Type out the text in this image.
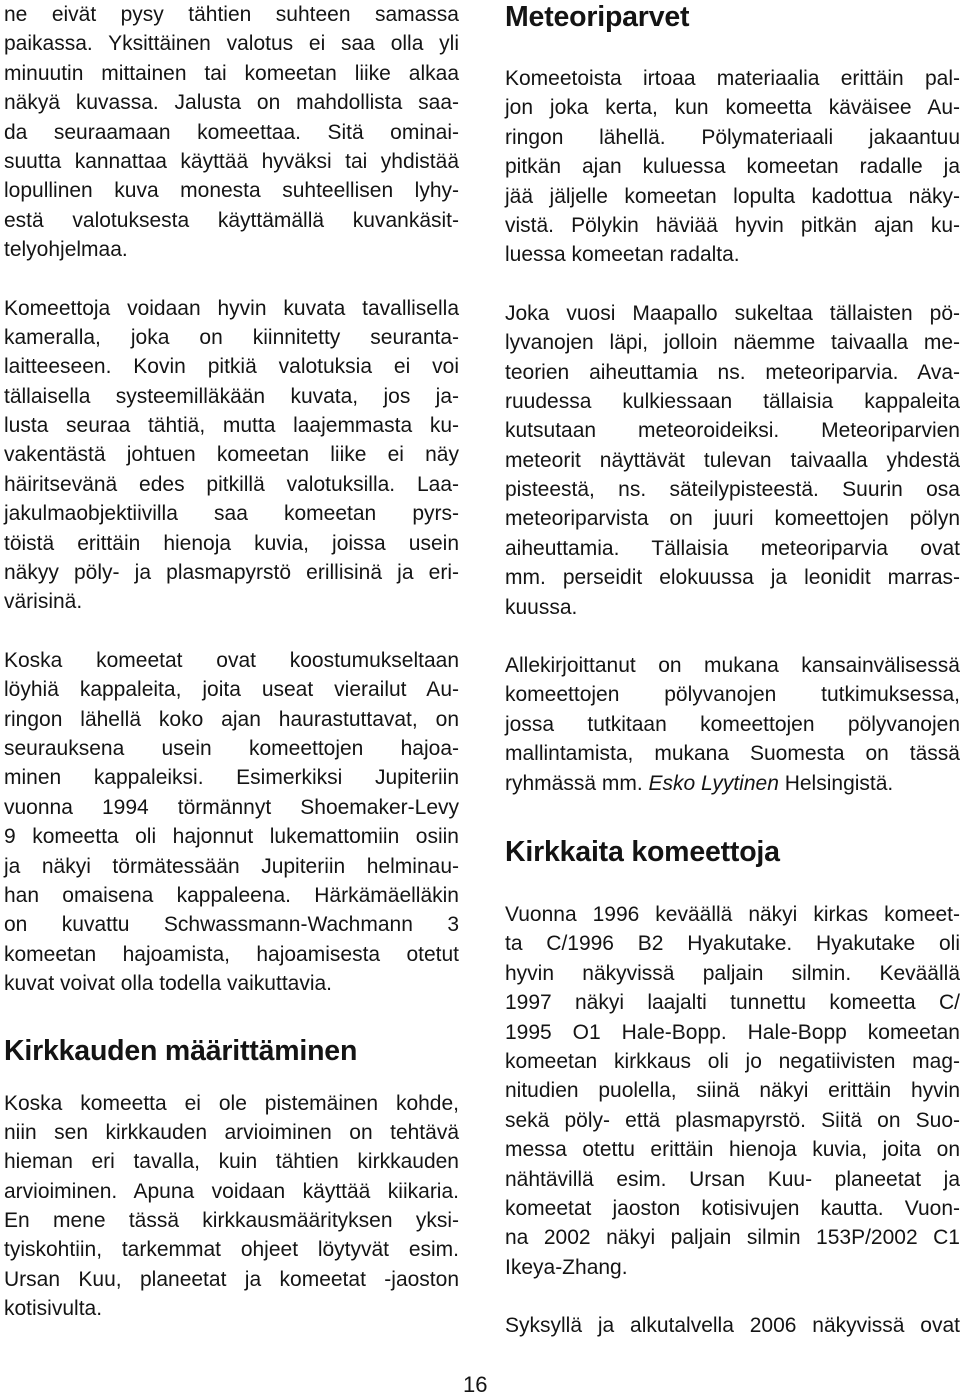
ne eivät pysy tähtien suhteen samassa
paikassa. Yksittäinen valotus ei saa olla yli
minuutin mittainen tai komeetan liike alkaa
näkyä kuvassa. Jalusta on mahdollista saa-
da seuraamaan komeettaa. Sitä ominai-
suutta kannattaa käyttää hyväksi tai yhdistää
lopullinen kuva monesta suhteellisen lyhy-
estä valotuksesta käyttämällä kuvankäsit-
telyohjelmaa.
Komeettoja voidaan hyvin kuvata tavallisella
kameralla, joka on kiinnitetty seuranta-
laitteeseen. Kovin pitkiä valotuksia ei voi
tällaisella systeemilläkään kuvata, jos ja-
lusta seuraa tähtiä, mutta laajemmasta ku-
vakentästä johtuen komeetan liike ei näy
häiritsevänä edes pitkillä valotuksilla. Laa-
jakulmaobjektiivilla saa komeetan pyrs-
töistä erittäin hienoja kuvia, joissa usein
näkyy pöly- ja plasmapyrstö erillisinä ja eri-
värisinä.
Koska komeetat ovat koostumukseltaan
löyhiä kappaleita, joita useat vierailut Au-
ringon lähellä koko ajan haurastuttavat, on
seurauksena usein komeettojen hajoa-
minen kappaleiksi. Esimerkiksi Jupiteriin
vuonna 1994 törmännyt Shoemaker-Levy
9 komeetta oli hajonnut lukemattomiin osiin
ja näkyi törmätessään Jupiteriin helminau-
han omaisena kappaleena. Härkämäelläkin
on kuvattu Schwassmann-Wachmann 3
komeetan hajoamista, hajoamisesta otetut
kuvat voivat olla todella vaikuttavia.
Kirkkauden määrittäminen
Koska komeetta ei ole pistemäinen kohde,
niin sen kirkkauden arvioiminen on tehtävä
hieman eri tavalla, kuin tähtien kirkkauden
arvioiminen. Apuna voidaan käyttää kiikaria.
En mene tässä kirkkausmäärityksen yksi-
tyiskohtiin, tarkemmat ohjeet löytyvät esim.
Ursan Kuu, planeetat ja komeetat -jaoston
kotisivulta.
Meteoriparvet
Komeetoista irtoaa materiaalia erittäin pal-
jon joka kerta, kun komeetta käväisee Au-
ringon lähellä. Pölymateriaali jakaantuu
pitkän ajan kuluessa komeetan radalle ja
jää jäljelle komeetan lopulta kadottua näky-
vistä. Pölykin häviää hyvin pitkän ajan ku-
luessa komeetan radalta.
Joka vuosi Maapallo sukeltaa tällaisten pö-
lyvanojen läpi, jolloin näemme taivaalla me-
teorien aiheuttamia ns. meteoriparvia. Ava-
ruudessa kulkiessaan tällaisia kappaleita
kutsutaan meteoroideiksi. Meteoriparvien
meteorit näyttävät tulevan taivaalla yhdestä
pisteestä, ns. säteilypisteestä. Suurin osa
meteoriparvista on juuri komeettojen pölyn
aiheuttamia. Tällaisia meteoriparvia ovat
mm. perseidit elokuussa ja leonidit marras-
kuussa.
Allekirjoittanut on mukana kansainvälisessä
komeettojen pölyvanojen tutkimuksessa,
jossa tutkitaan komeettojen pölyvanojen
mallintamista, mukana Suomesta on tässä
ryhmässä mm. Esko Lyytinen Helsingistä.
Kirkkaita komeettoja
Vuonna 1996 keväällä näkyi kirkas komeet-
ta C/1996 B2 Hyakutake. Hyakutake oli
hyvin näkyvissä paljain silmin. Keväällä
1997 näkyi laajalti tunnettu komeetta C/
1995 O1 Hale-Bopp. Hale-Bopp komeetan
komeetan kirkkaus oli jo negatiivisten mag-
nitudien puolella, siinä näkyi erittäin hyvin
sekä pöly- että plasmapyrstö. Siitä on Suo-
messa otettu erittäin hienoja kuvia, joita on
nähtävillä esim. Ursan Kuu- planeetat ja
komeetat jaoston kotisivujen kautta. Vuon-
na 2002 näkyi paljain silmin 153P/2002 C1
Ikeya-Zhang.
Syksyllä ja alkutalvella 2006 näkyvissä ovat
16
